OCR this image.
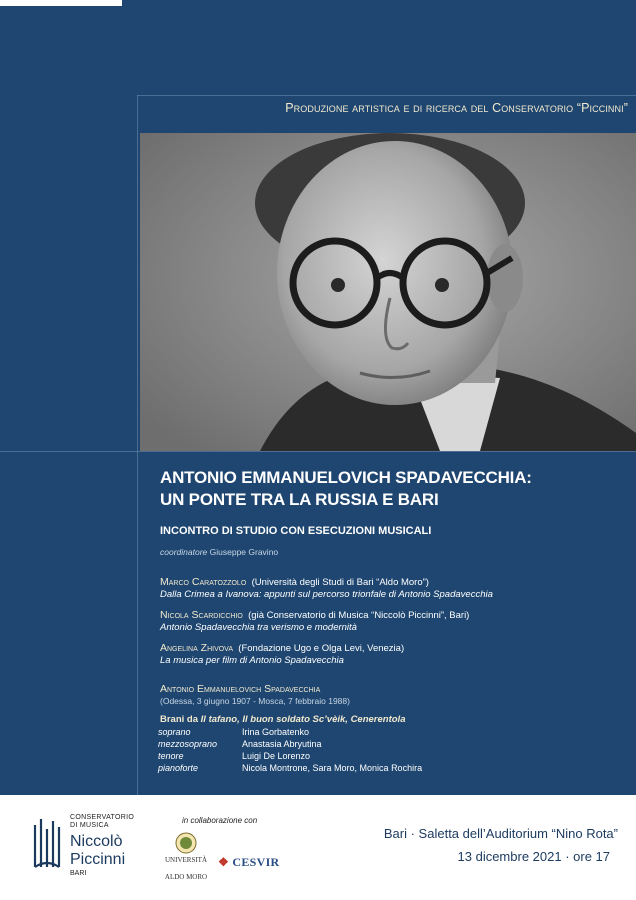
Produzione artistica e di ricerca del Conservatorio “Piccinni”
ANTONIO EMMANUELOVICH SPADAVECCHIA:
UN PONTE TRA LA RUSSIA E BARI
INCONTRO DI STUDIO CON ESECUZIONI MUSICALI
coordinatore Giuseppe Gravino
Marco Caratozzolo (Università degli Studi di Bari “Aldo Moro”)
Dalla Crimea a Ivanova: appunti sul percorso trionfale di Antonio Spadavecchia
Nicola Scardicchio (già Conservatorio di Musica “Niccolò Piccinni”, Bari)
Antonio Spadavecchia tra verismo e modernità
Angelina Zhivova (Fondazione Ugo e Olga Levi, Venezia)
La musica per film di Antonio Spadavecchia
Antonio Emmanuelovich Spadavecchia
(Odessa, 3 giugno 1907 - Mosca, 7 febbraio 1988)
Brani da Il tafano, Il buon soldato Sc’vèik, Cenerentola
soprano	Irina Gorbatenko
mezzosoprano	Anastasia Abryutina
tenore	Luigi De Lorenzo
pianoforte	Nicola Montrone, Sara Moro, Monica Rochira
CONSERVATORIO
DI MUSICA
Niccolò
Piccinni
BARI
in collaborazione con
UNIVERSITÀ
ALDO MORO
❖ CESVIR
Bari · Saletta dell’Auditorium “Nino Rota”
13 dicembre 2021 · ore 17
